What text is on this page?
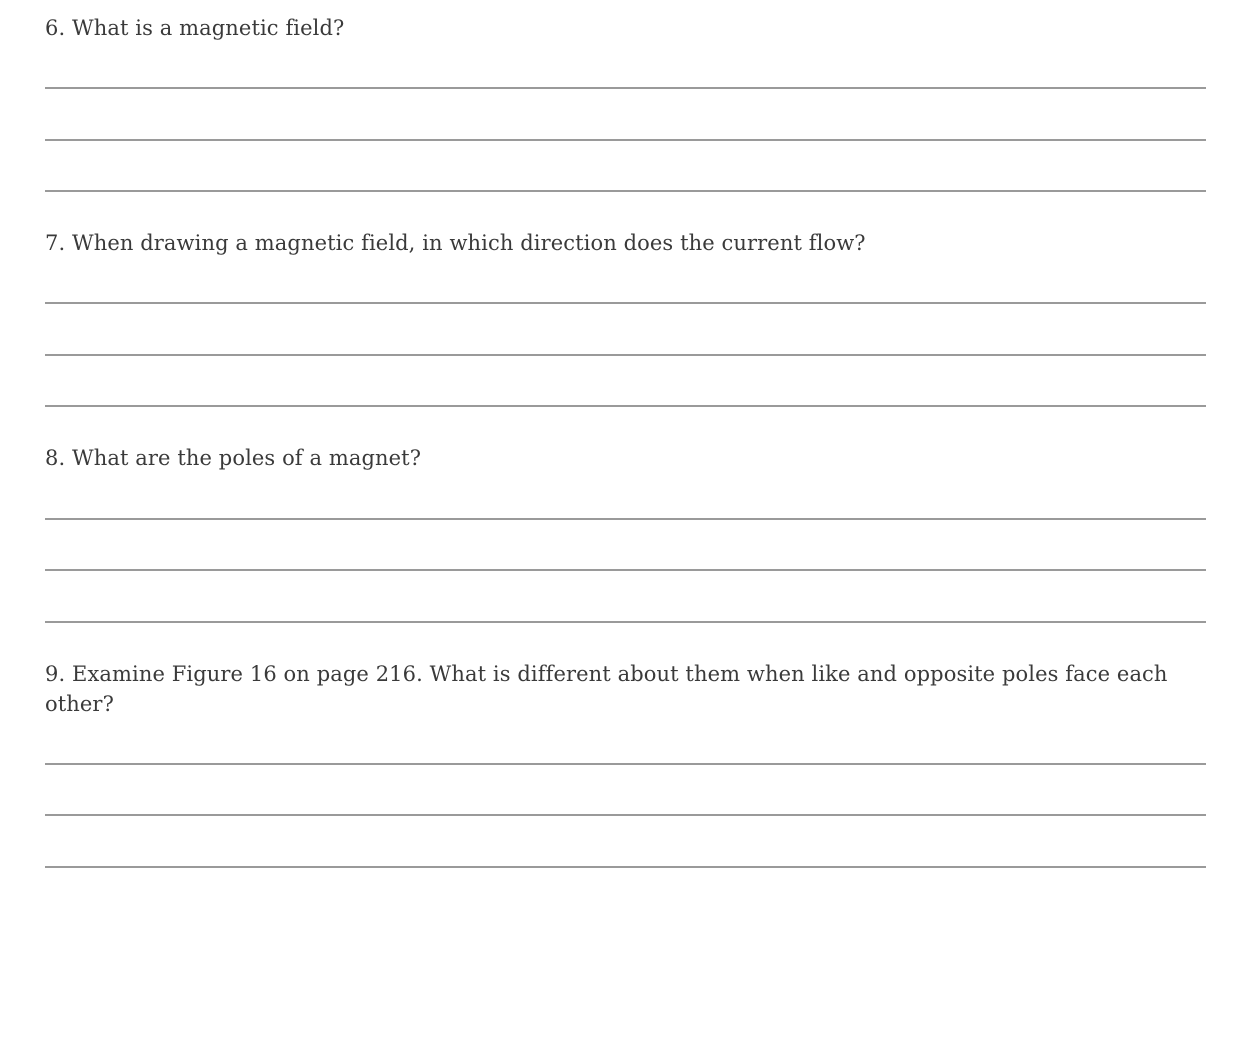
6. What is a magnetic field?

7. When drawing a magnetic field, in which direction does the current flow?

8. What are the poles of a magnet?

9. Examine Figure 16 on page 216. What is different about them when like and opposite poles face each other?
